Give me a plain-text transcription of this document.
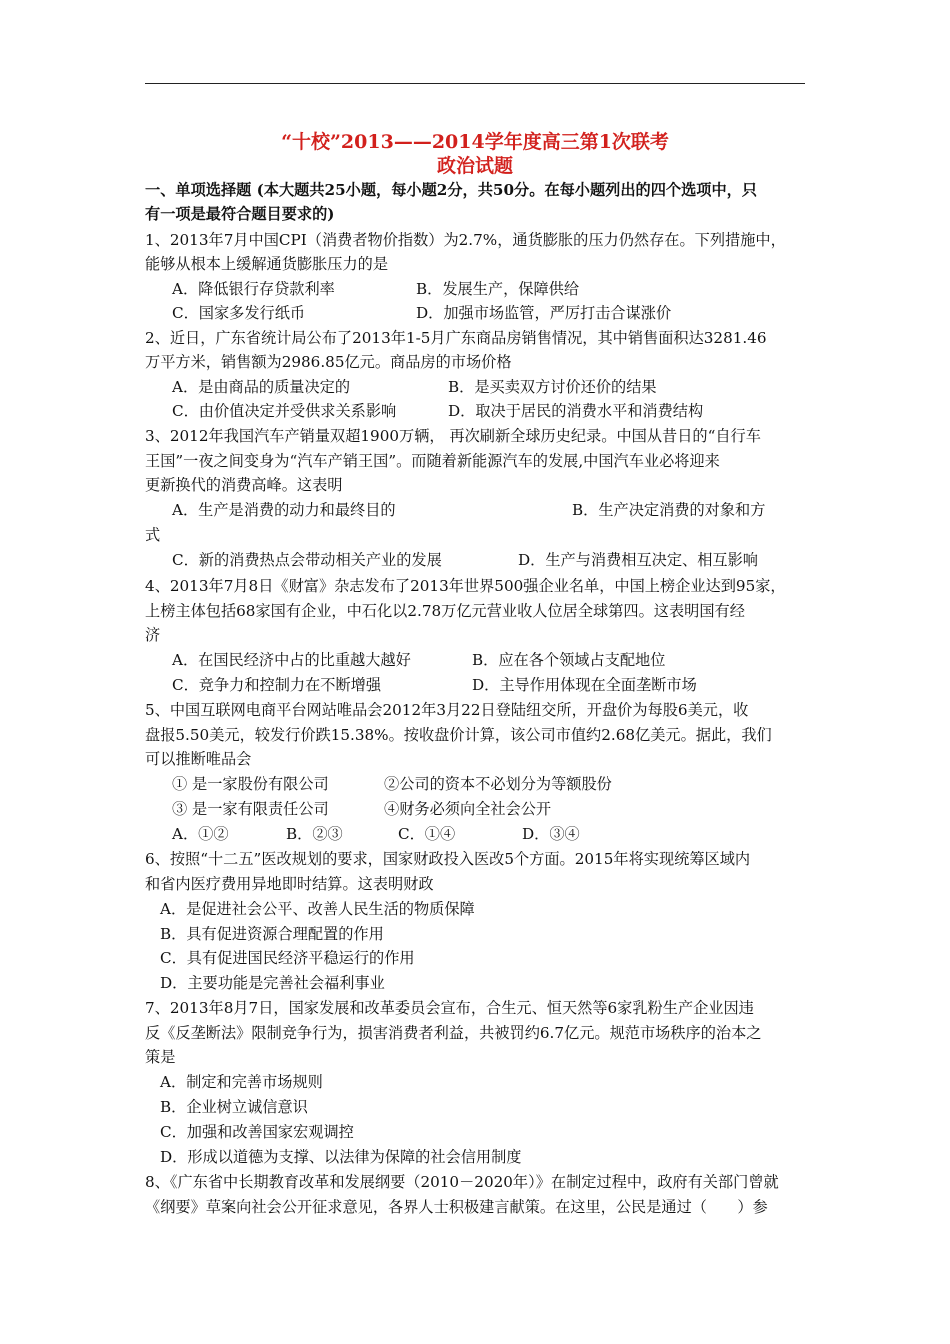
“十校”2013——2014学年度高三第1次联考
政治试题
一、单项选择题 (本大题共25小题，每小题2分，共50分。在每小题列出的四个选项中，只
有一项是最符合题目要求的)
1、2013年7月中国CPI（消费者物价指数）为2.7%，通货膨胀的压力仍然存在。下列措施中，
能够从根本上缓解通货膨胀压力的是
A．降低银行存贷款利率	B．发展生产，保障供给
C．国家多发行纸币	D．加强市场监管，严厉打击合谋涨价
2、近日，广东省统计局公布了2013年1-5月广东商品房销售情况，其中销售面积达3281.46
万平方米，销售额为2986.85亿元。商品房的市场价格
A．是由商品的质量决定的	B．是买卖双方讨价还价的结果
C．由价值决定并受供求关系影响	D．取决于居民的消费水平和消费结构
3、2012年我国汽车产销量双超1900万辆， 再次刷新全球历史纪录。中国从昔日的“自行车
王国”一夜之间变身为“汽车产销王国”。而随着新能源汽车的发展,中国汽车业必将迎来
更新换代的消费高峰。这表明
A．生产是消费的动力和最终目的	B．生产决定消费的对象和方
式
C．新的消费热点会带动相关产业的发展	D．生产与消费相互决定、相互影响
4、2013年7月8日《财富》杂志发布了2013年世界500强企业名单，中国上榜企业达到95家，
上榜主体包括68家国有企业，中石化以2.78万亿元营业收人位居全球第四。这表明国有经
济
A．在国民经济中占的比重越大越好	B．应在各个领域占支配地位
C．竞争力和控制力在不断增强	D．主导作用体现在全面垄断市场
5、中国互联网电商平台网站唯品会2012年3月22日登陆纽交所，开盘价为每股6美元，收
盘报5.50美元，较发行价跌15.38%。按收盘价计算，该公司市值约2.68亿美元。据此，我们
可以推断唯品会
① 是一家股份有限公司	②公司的资本不必划分为等额股份
③ 是一家有限责任公司	④财务必须向全社会公开
A．①②	B．②③	C．①④	D．③④
6、按照“十二五”医改规划的要求，国家财政投入医改5个方面。2015年将实现统筹区域内
和省内医疗费用异地即时结算。这表明财政
A．是促进社会公平、改善人民生活的物质保障
B．具有促进资源合理配置的作用
C．具有促进国民经济平稳运行的作用
D．主要功能是完善社会福利事业
7、2013年8月7日，国家发展和改革委员会宣布，合生元、恒天然等6家乳粉生产企业因违
反《反垄断法》限制竞争行为，损害消费者利益，共被罚约6.7亿元。规范市场秩序的治本之
策是
A．制定和完善市场规则
B．企业树立诚信意识
C．加强和改善国家宏观调控
D．形成以道德为支撑、以法律为保障的社会信用制度
8、《广东省中长期教育改革和发展纲要（2010－2020年）》在制定过程中，政府有关部门曾就
《纲要》草案向社会公开征求意见，各界人士积极建言献策。在这里，公民是通过（　　）参
